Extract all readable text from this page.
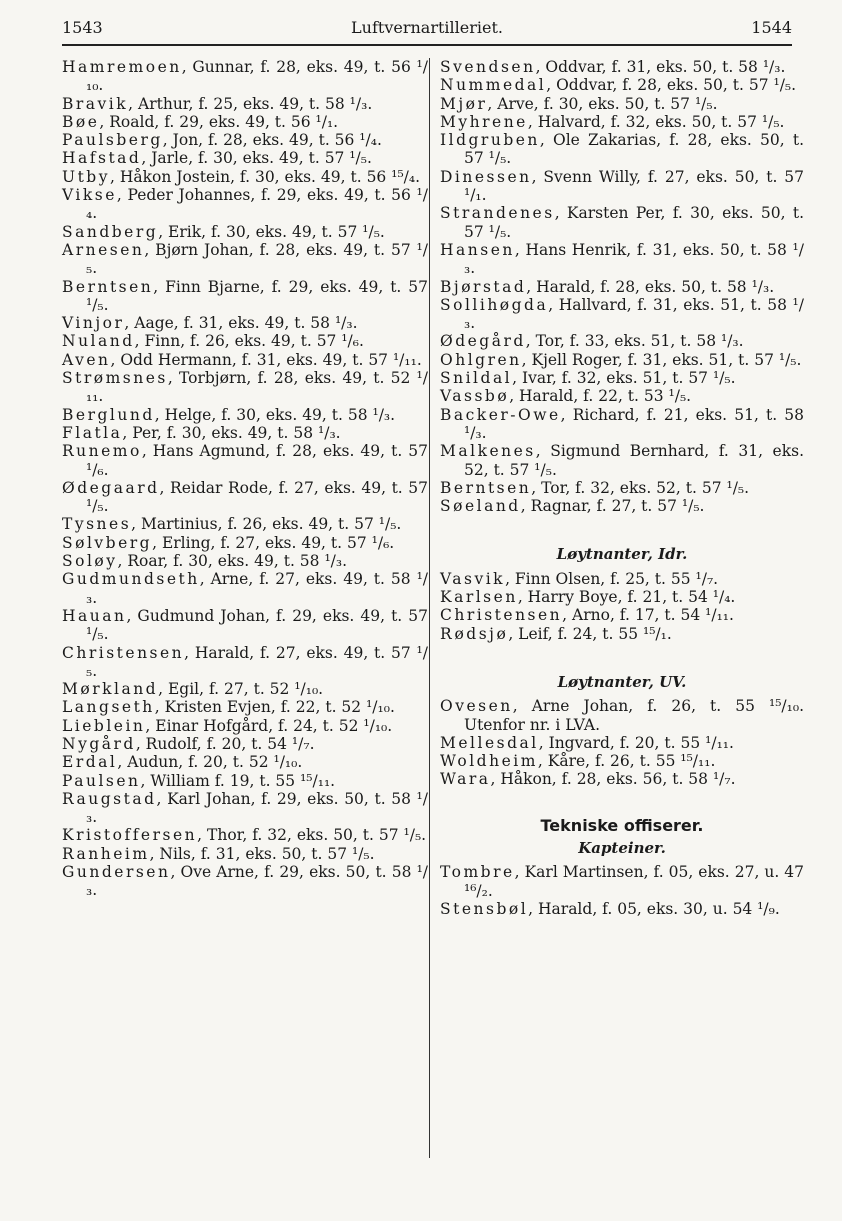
Luftvernartilleriet.
1543	1544

Hamremoen, Gunnar, f. 28, eks. 49, t. 56 ¹/₁₀.

Bravik, Arthur, f. 25, eks. 49, t. 58 ¹/₃.

Bøe, Roald, f. 29, eks. 49, t. 56 ¹/₁.

Paulsberg, Jon, f. 28, eks. 49, t. 56 ¹/₄.

Hafstad, Jarle, f. 30, eks. 49, t. 57 ¹/₅.

Utby, Håkon Jostein, f. 30, eks. 49, t. 56 ¹⁵/₄.

Vikse, Peder Johannes, f. 29, eks. 49, t. 56 ¹/₄.

Sandberg, Erik, f. 30, eks. 49, t. 57 ¹/₅.

Arnesen, Bjørn Johan, f. 28, eks. 49, t. 57 ¹/₅.

Berntsen, Finn Bjarne, f. 29, eks. 49, t. 57 ¹/₅.

Vinjor, Aage, f. 31, eks. 49, t. 58 ¹/₃.

Nuland, Finn, f. 26, eks. 49, t. 57 ¹/₆.

Aven, Odd Hermann, f. 31, eks. 49, t. 57 ¹/₁₁.

Strømsnes, Torbjørn, f. 28, eks. 49, t. 52 ¹/₁₁.

Berglund, Helge, f. 30, eks. 49, t. 58 ¹/₃.

Flatla, Per, f. 30, eks. 49, t. 58 ¹/₃.

Runemo, Hans Agmund, f. 28, eks. 49, t. 57 ¹/₆.

Ødegaard, Reidar Rode, f. 27, eks. 49, t. 57 ¹/₅.

Tysnes, Martinius, f. 26, eks. 49, t. 57 ¹/₅.

Sølvberg, Erling, f. 27, eks. 49, t. 57 ¹/₆.

Soløy, Roar, f. 30, eks. 49, t. 58 ¹/₃.

Gudmundseth, Arne, f. 27, eks. 49, t. 58 ¹/₃.

Hauan, Gudmund Johan, f. 29, eks. 49, t. 57 ¹/₅.

Christensen, Harald, f. 27, eks. 49, t. 57 ¹/₅.

Mørkland, Egil, f. 27, t. 52 ¹/₁₀.

Langseth, Kristen Evjen, f. 22, t. 52 ¹/₁₀.

Lieblein, Einar Hofgård, f. 24, t. 52 ¹/₁₀.

Nygård, Rudolf, f. 20, t. 54 ¹/₇.

Erdal, Audun, f. 20, t. 52 ¹/₁₀.

Paulsen, William f. 19, t. 55 ¹⁵/₁₁.

Raugstad, Karl Johan, f. 29, eks. 50, t. 58 ¹/₃.

Kristoffersen, Thor, f. 32, eks. 50, t. 57 ¹/₅.

Ranheim, Nils, f. 31, eks. 50, t. 57 ¹/₅.

Gundersen, Ove Arne, f. 29, eks. 50, t. 58 ¹/₃.

Svendsen, Oddvar, f. 31, eks. 50, t. 58 ¹/₃.

Nummedal, Oddvar, f. 28, eks. 50, t. 57 ¹/₅.

Mjør, Arve, f. 30, eks. 50, t. 57 ¹/₅.

Myhrene, Halvard, f. 32, eks. 50, t. 57 ¹/₅.

Ildgruben, Ole Zakarias, f. 28, eks. 50, t. 57 ¹/₅.

Dinessen, Svenn Willy, f. 27, eks. 50, t. 57 ¹/₁.

Strandenes, Karsten Per, f. 30, eks. 50, t. 57 ¹/₅.

Hansen, Hans Henrik, f. 31, eks. 50, t. 58 ¹/₃.

Bjørstad, Harald, f. 28, eks. 50, t. 58 ¹/₃.

Sollihøgda, Hallvard, f. 31, eks. 51, t. 58 ¹/₃.

Ødegård, Tor, f. 33, eks. 51, t. 58 ¹/₃.

Ohlgren, Kjell Roger, f. 31, eks. 51, t. 57 ¹/₅.

Snildal, Ivar, f. 32, eks. 51, t. 57 ¹/₅.

Vassbø, Harald, f. 22, t. 53 ¹/₅.

Backer-Owe, Richard, f. 21, eks. 51, t. 58 ¹/₃.

Malkenes, Sigmund Bernhard, f. 31, eks. 52, t. 57 ¹/₅.

Berntsen, Tor, f. 32, eks. 52, t. 57 ¹/₅.

Søeland, Ragnar, f. 27, t. 57 ¹/₅.

Løytnanter, Idr.

Vasvik, Finn Olsen, f. 25, t. 55 ¹/₇.

Karlsen, Harry Boye, f. 21, t. 54 ¹/₄.

Christensen, Arno, f. 17, t. 54 ¹/₁₁.

Rødsjø, Leif, f. 24, t. 55 ¹⁵/₁.

Løytnanter, UV.

Ovesen, Arne Johan, f. 26, t. 55 ¹⁵/₁₀. Utenfor nr. i LVA.

Mellesdal, Ingvard, f. 20, t. 55 ¹/₁₁.

Woldheim, Kåre, f. 26, t. 55 ¹⁵/₁₁.

Wara, Håkon, f. 28, eks. 56, t. 58 ¹/₇.

Tekniske offiserer.

Kapteiner.

Tombre, Karl Martinsen, f. 05, eks. 27, u. 47 ¹⁶/₂.

Stensbøl, Harald, f. 05, eks. 30, u. 54 ¹/₉.
